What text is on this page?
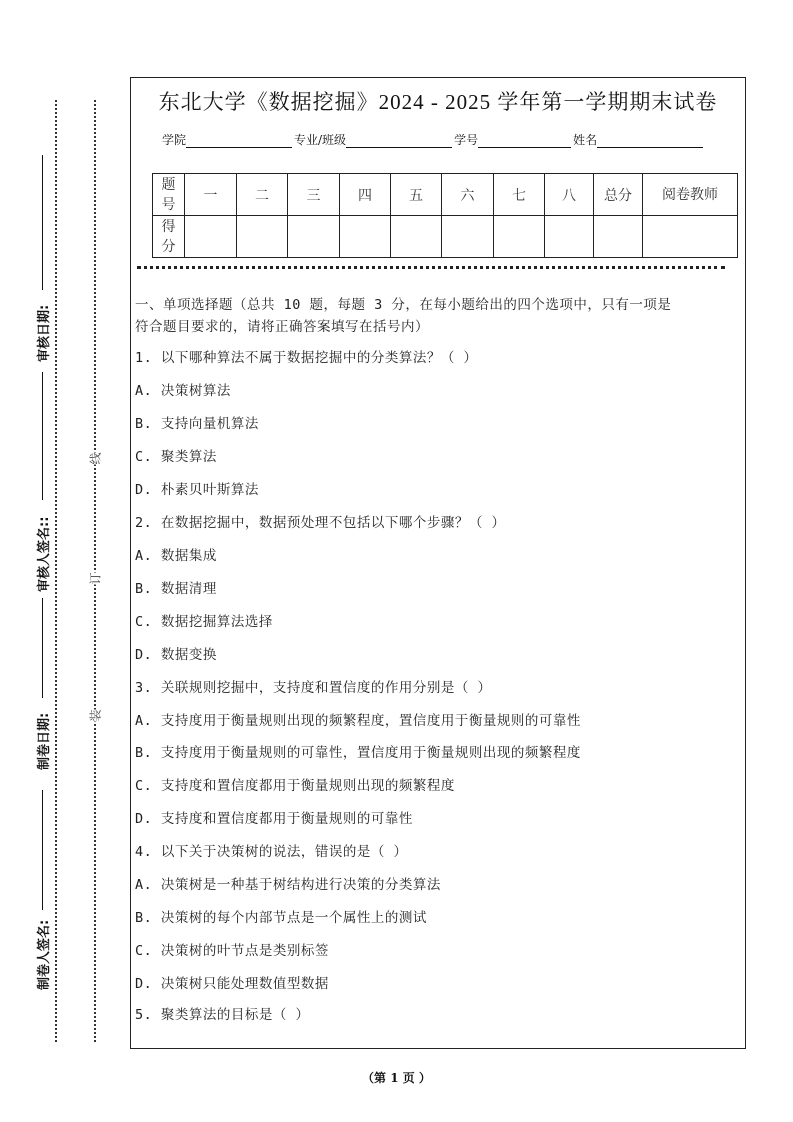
审核日期:
审核人签名::
制卷日期:
制卷人签名:
线
订
装
东北大学《数据挖掘》2024 - 2025 学年第一学期期末试卷
学院	专业/班级	学号	姓名
题号	一	二	三	四	五	六	七	八	总分	阅卷教师
得分										
一、单项选择题（总共 10 题，每题 3 分，在每小题给出的四个选项中，只有一项是
符合题目要求的，请将正确答案填写在括号内）
1. 以下哪种算法不属于数据挖掘中的分类算法？（ ）
A. 决策树算法
B. 支持向量机算法
C. 聚类算法
D. 朴素贝叶斯算法
2. 在数据挖掘中，数据预处理不包括以下哪个步骤？（ ）
A. 数据集成
B. 数据清理
C. 数据挖掘算法选择
D. 数据变换
3. 关联规则挖掘中，支持度和置信度的作用分别是（ ）
A. 支持度用于衡量规则出现的频繁程度，置信度用于衡量规则的可靠性
B. 支持度用于衡量规则的可靠性，置信度用于衡量规则出现的频繁程度
C. 支持度和置信度都用于衡量规则出现的频繁程度
D. 支持度和置信度都用于衡量规则的可靠性
4. 以下关于决策树的说法，错误的是（ ）
A. 决策树是一种基于树结构进行决策的分类算法
B. 决策树的每个内部节点是一个属性上的测试
C. 决策树的叶节点是类别标签
D. 决策树只能处理数值型数据
5. 聚类算法的目标是（ ）
（第 1 页 ）
